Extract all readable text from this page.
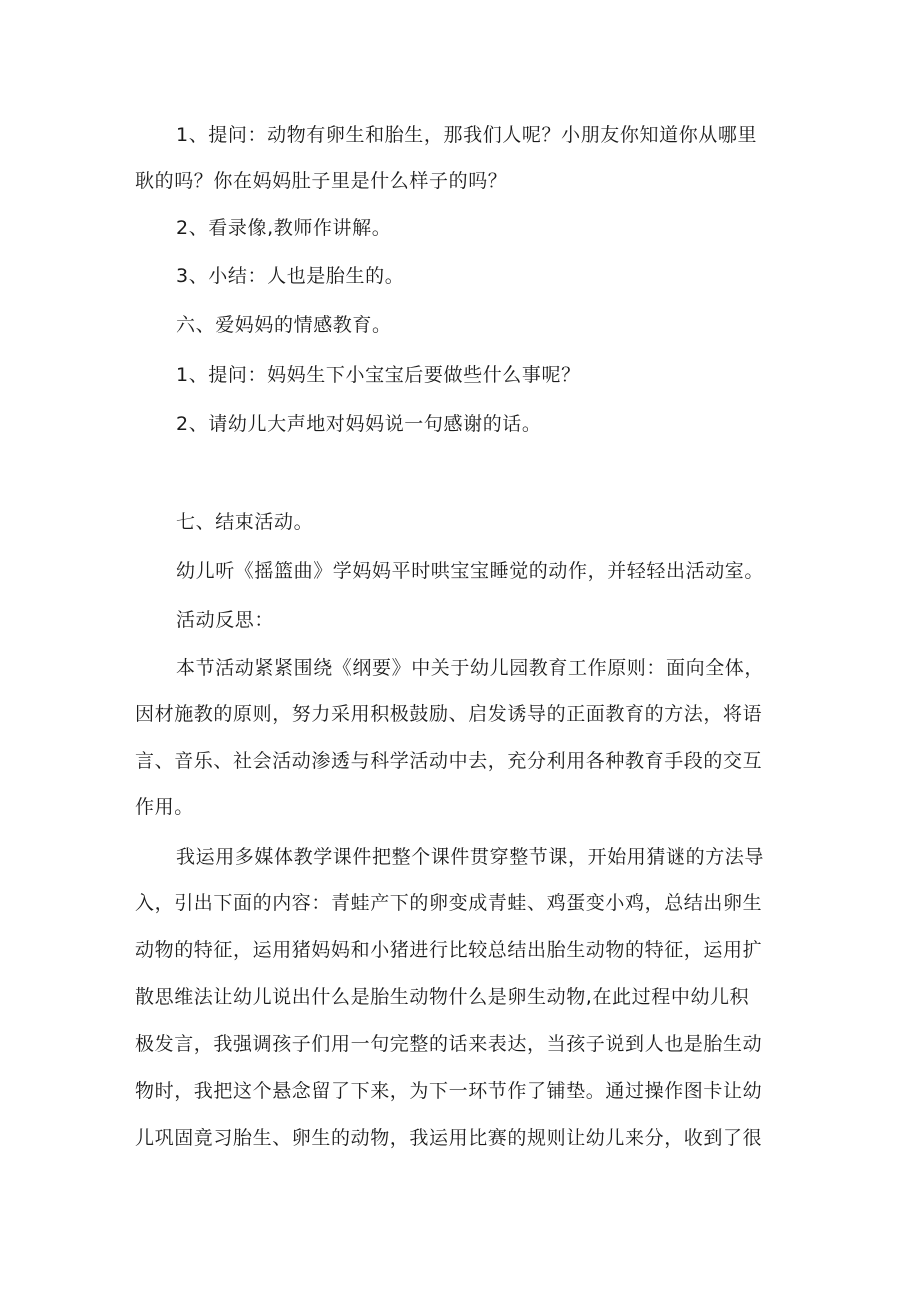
1、提问：动物有卵生和胎生，那我们人呢？小朋友你知道你从哪里
耿的吗？你在妈妈肚子里是什么样子的吗？
2、看录像,教师作讲解。
3、小结：人也是胎生的。
六、爱妈妈的情感教育。
1、提问：妈妈生下小宝宝后要做些什么事呢？
2、请幼儿大声地对妈妈说一句感谢的话。
七、结束活动。
幼儿听《摇篮曲》学妈妈平时哄宝宝睡觉的动作，并轻轻出活动室。
活动反思：
本节活动紧紧围绕《纲要》中关于幼儿园教育工作原则：面向全体，
因材施教的原则，努力采用积极鼓励、启发诱导的正面教育的方法，将语
言、音乐、社会活动渗透与科学活动中去，充分利用各种教育手段的交互
作用。
我运用多媒体教学课件把整个课件贯穿整节课，开始用猜谜的方法导
入，引出下面的内容：青蛙产下的卵变成青蛙、鸡蛋变小鸡，总结出卵生
动物的特征，运用猪妈妈和小猪进行比较总结出胎生动物的特征，运用扩
散思维法让幼儿说出什么是胎生动物什么是卵生动物,在此过程中幼儿积
极发言，我强调孩子们用一句完整的话来表达，当孩子说到人也是胎生动
物时，我把这个悬念留了下来，为下一环节作了铺垫。通过操作图卡让幼
儿巩固竟习胎生、卵生的动物，我运用比赛的规则让幼儿来分，收到了很
